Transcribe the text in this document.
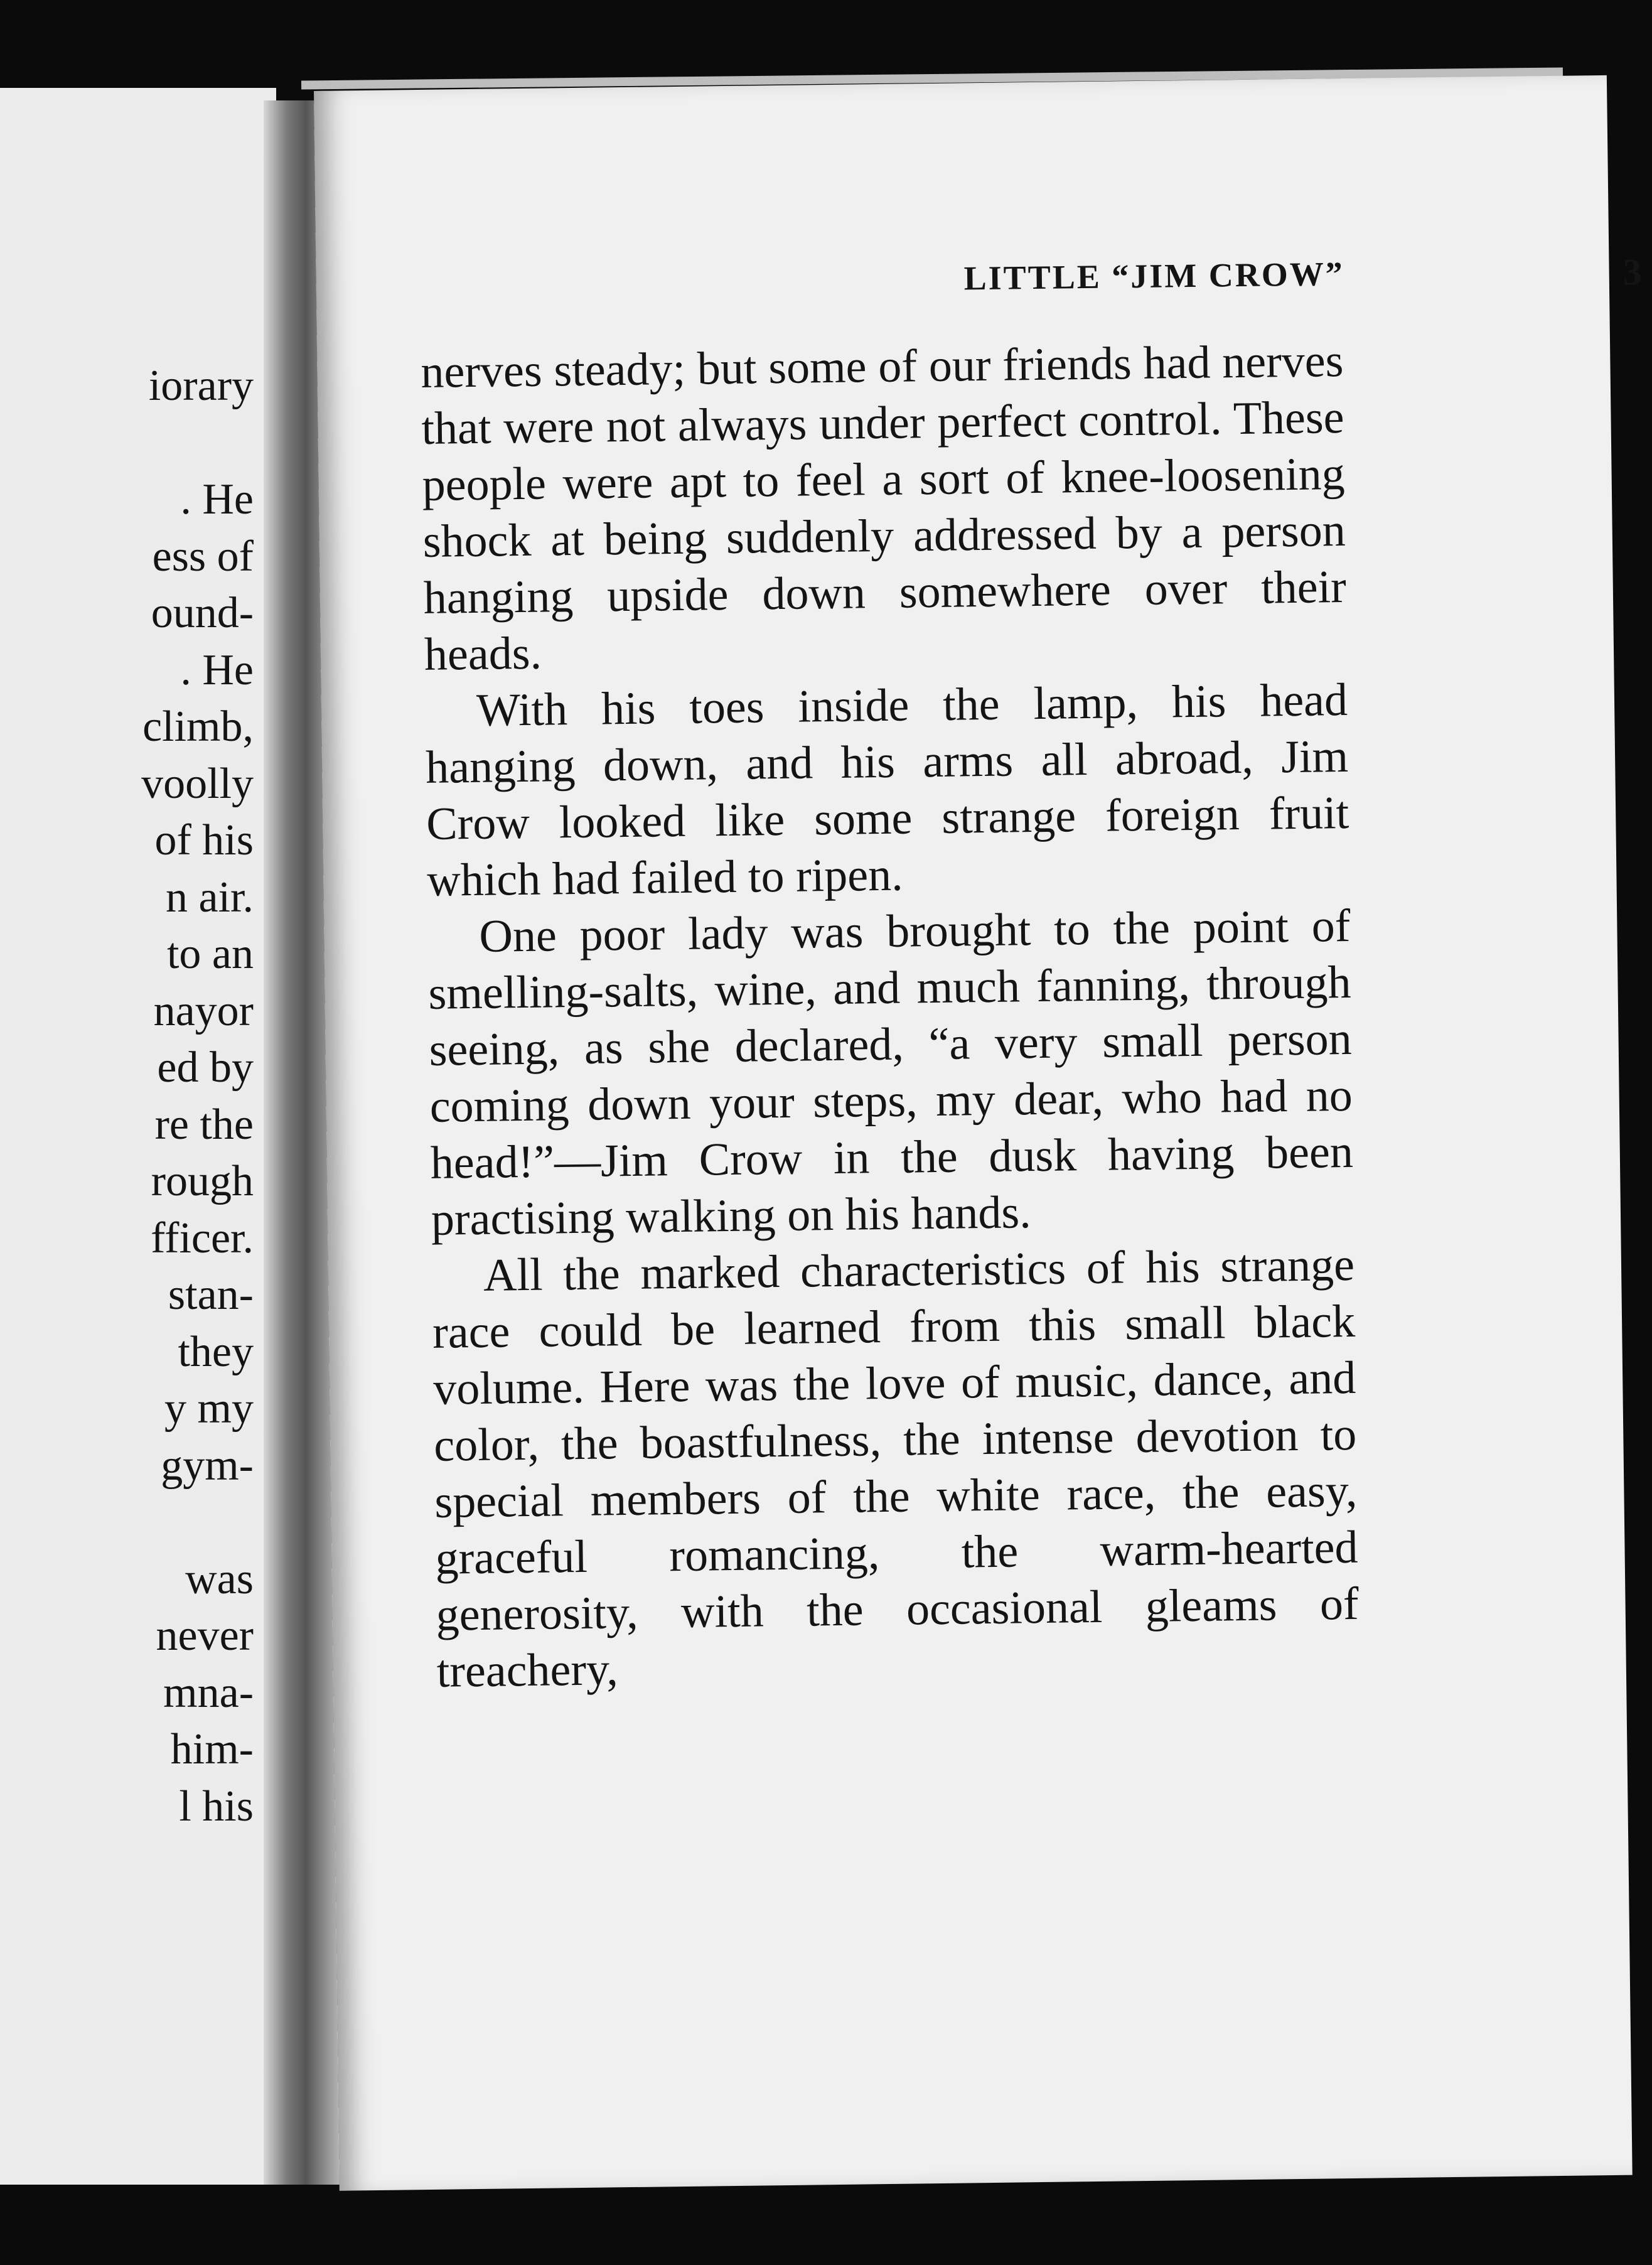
iorary
. He
ess of
ound-
. He
climb,
voolly
of his
n air.
to an
nayor
ed by
re the
rough
fficer.
stan-
they
y my
gym-
was
never
mna-
him-
l his
LITTLE “JIM CROW”	3

nerves steady; but some of our friends had nerves that were not always under perfect control. These people were apt to feel a sort of knee-loosening shock at being suddenly addressed by a person hanging upside down somewhere over their heads.

With his toes inside the lamp, his head hanging down, and his arms all abroad, Jim Crow looked like some strange foreign fruit which had failed to ripen.

One poor lady was brought to the point of smelling-salts, wine, and much fanning, through seeing, as she declared, “a very small person coming down your steps, my dear, who had no head!”—Jim Crow in the dusk having been practising walking on his hands.

All the marked characteristics of his strange race could be learned from this small black volume. Here was the love of music, dance, and color, the boastfulness, the intense devotion to special members of the white race, the easy, graceful romancing, the warm-hearted generosity, with the occasional gleams of treachery,
